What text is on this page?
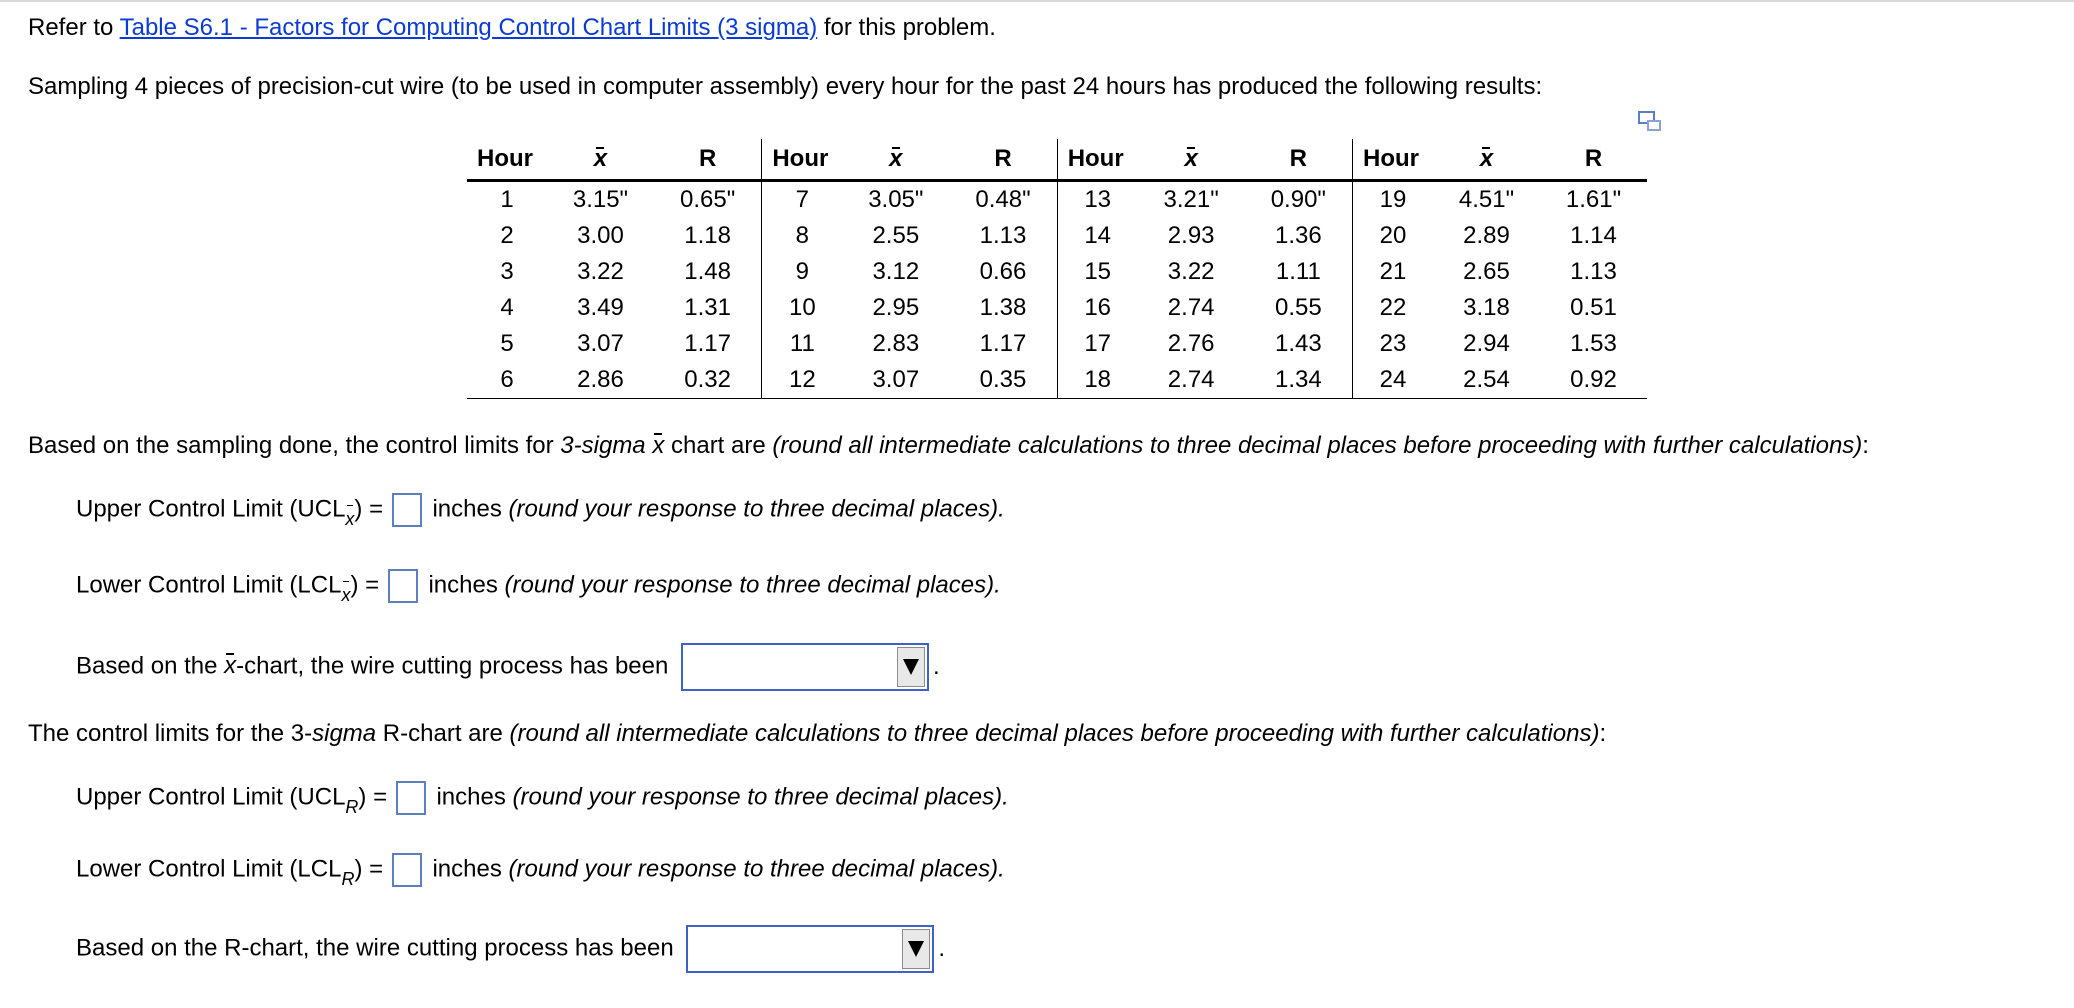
Refer to Table S6.1 - Factors for Computing Control Chart Limits (3 sigma) for this problem.
Sampling 4 pieces of precision-cut wire (to be used in computer assembly) every hour for the past 24 hours has produced the following results:
Hour	x	R	Hour	x	R	Hour	x	R	Hour	x	R
1	3.15"	0.65"	7	3.05"	0.48"	13	3.21"	0.90"	19	4.51"	1.61"
2	3.00	1.18	8	2.55	1.13	14	2.93	1.36	20	2.89	1.14
3	3.22	1.48	9	3.12	0.66	15	3.22	1.11	21	2.65	1.13
4	3.49	1.31	10	2.95	1.38	16	2.74	0.55	22	3.18	0.51
5	3.07	1.17	11	2.83	1.17	17	2.76	1.43	23	2.94	1.53
6	2.86	0.32	12	3.07	0.35	18	2.74	1.34	24	2.54	0.92
Based on the sampling done, the control limits for 3-sigma x chart are (round all intermediate calculations to three decimal places before proceeding with further calculations):
Upper Control Limit $(UCL_x)$ =  inches (round your response to three decimal places).
Lower Control Limit $(LCL_x)$ =  inches (round your response to three decimal places).
Based on the x-chart, the wire cutting process has been	.
The control limits for the 3-sigma R-chart are (round all intermediate calculations to three decimal places before proceeding with further calculations):
Upper Control Limit $(UCL_R)$ =  inches (round your response to three decimal places).
Lower Control Limit $(LCL_R)$ =  inches (round your response to three decimal places).
Based on the R-chart, the wire cutting process has been	.
